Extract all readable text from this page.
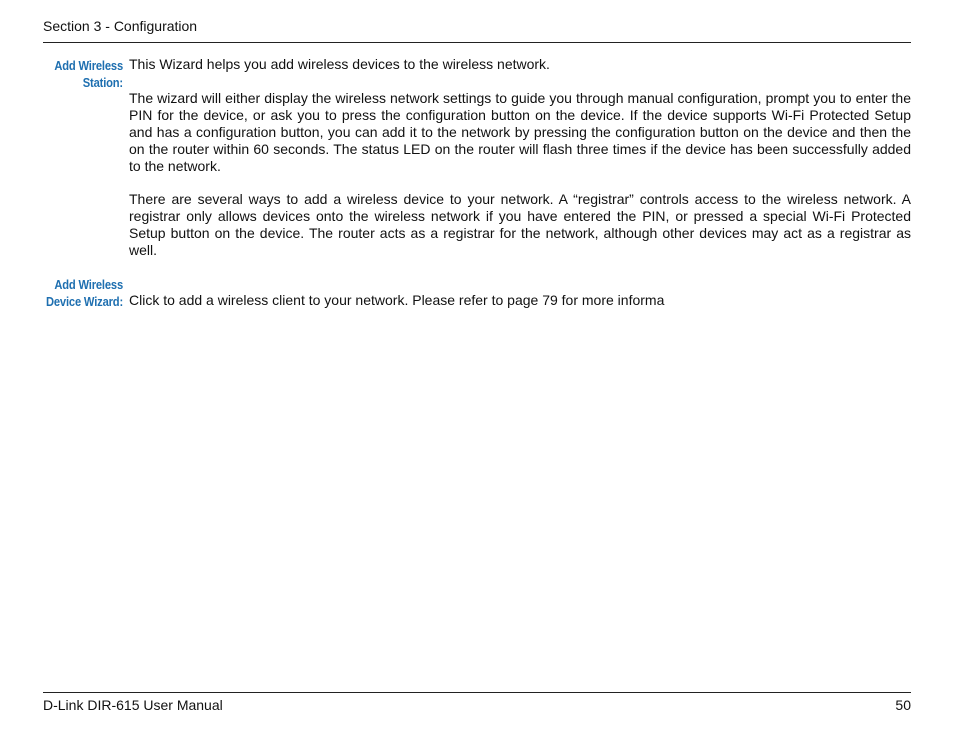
Section 3 - Configuration
Add Wireless
Station:

This Wizard helps you add wireless devices to the wireless network.

The wizard will either display the wireless network settings to guide you through manual configuration, prompt you to enter the PIN for the device, or ask you to press the configuration button on the device. If the device supports Wi-Fi Protected Setup and has a configuration button, you can add it to the network by pressing the configuration button on the device and then the on the router within 60 seconds. The status LED on the router will flash three times if the device has been successfully added to the network.

There are several ways to add a wireless device to your network. A “registrar” controls access to the wireless network. A registrar only allows devices onto the wireless network if you have entered the PIN, or pressed a special Wi-Fi Protected Setup button on the device. The router acts as a registrar for the network, although other devices may act as a registrar as well.

Add Wireless
Device Wizard: Click to add a wireless client to your network. Please refer to page 79 for more informa

D-Link DIR-615 User Manual	50
